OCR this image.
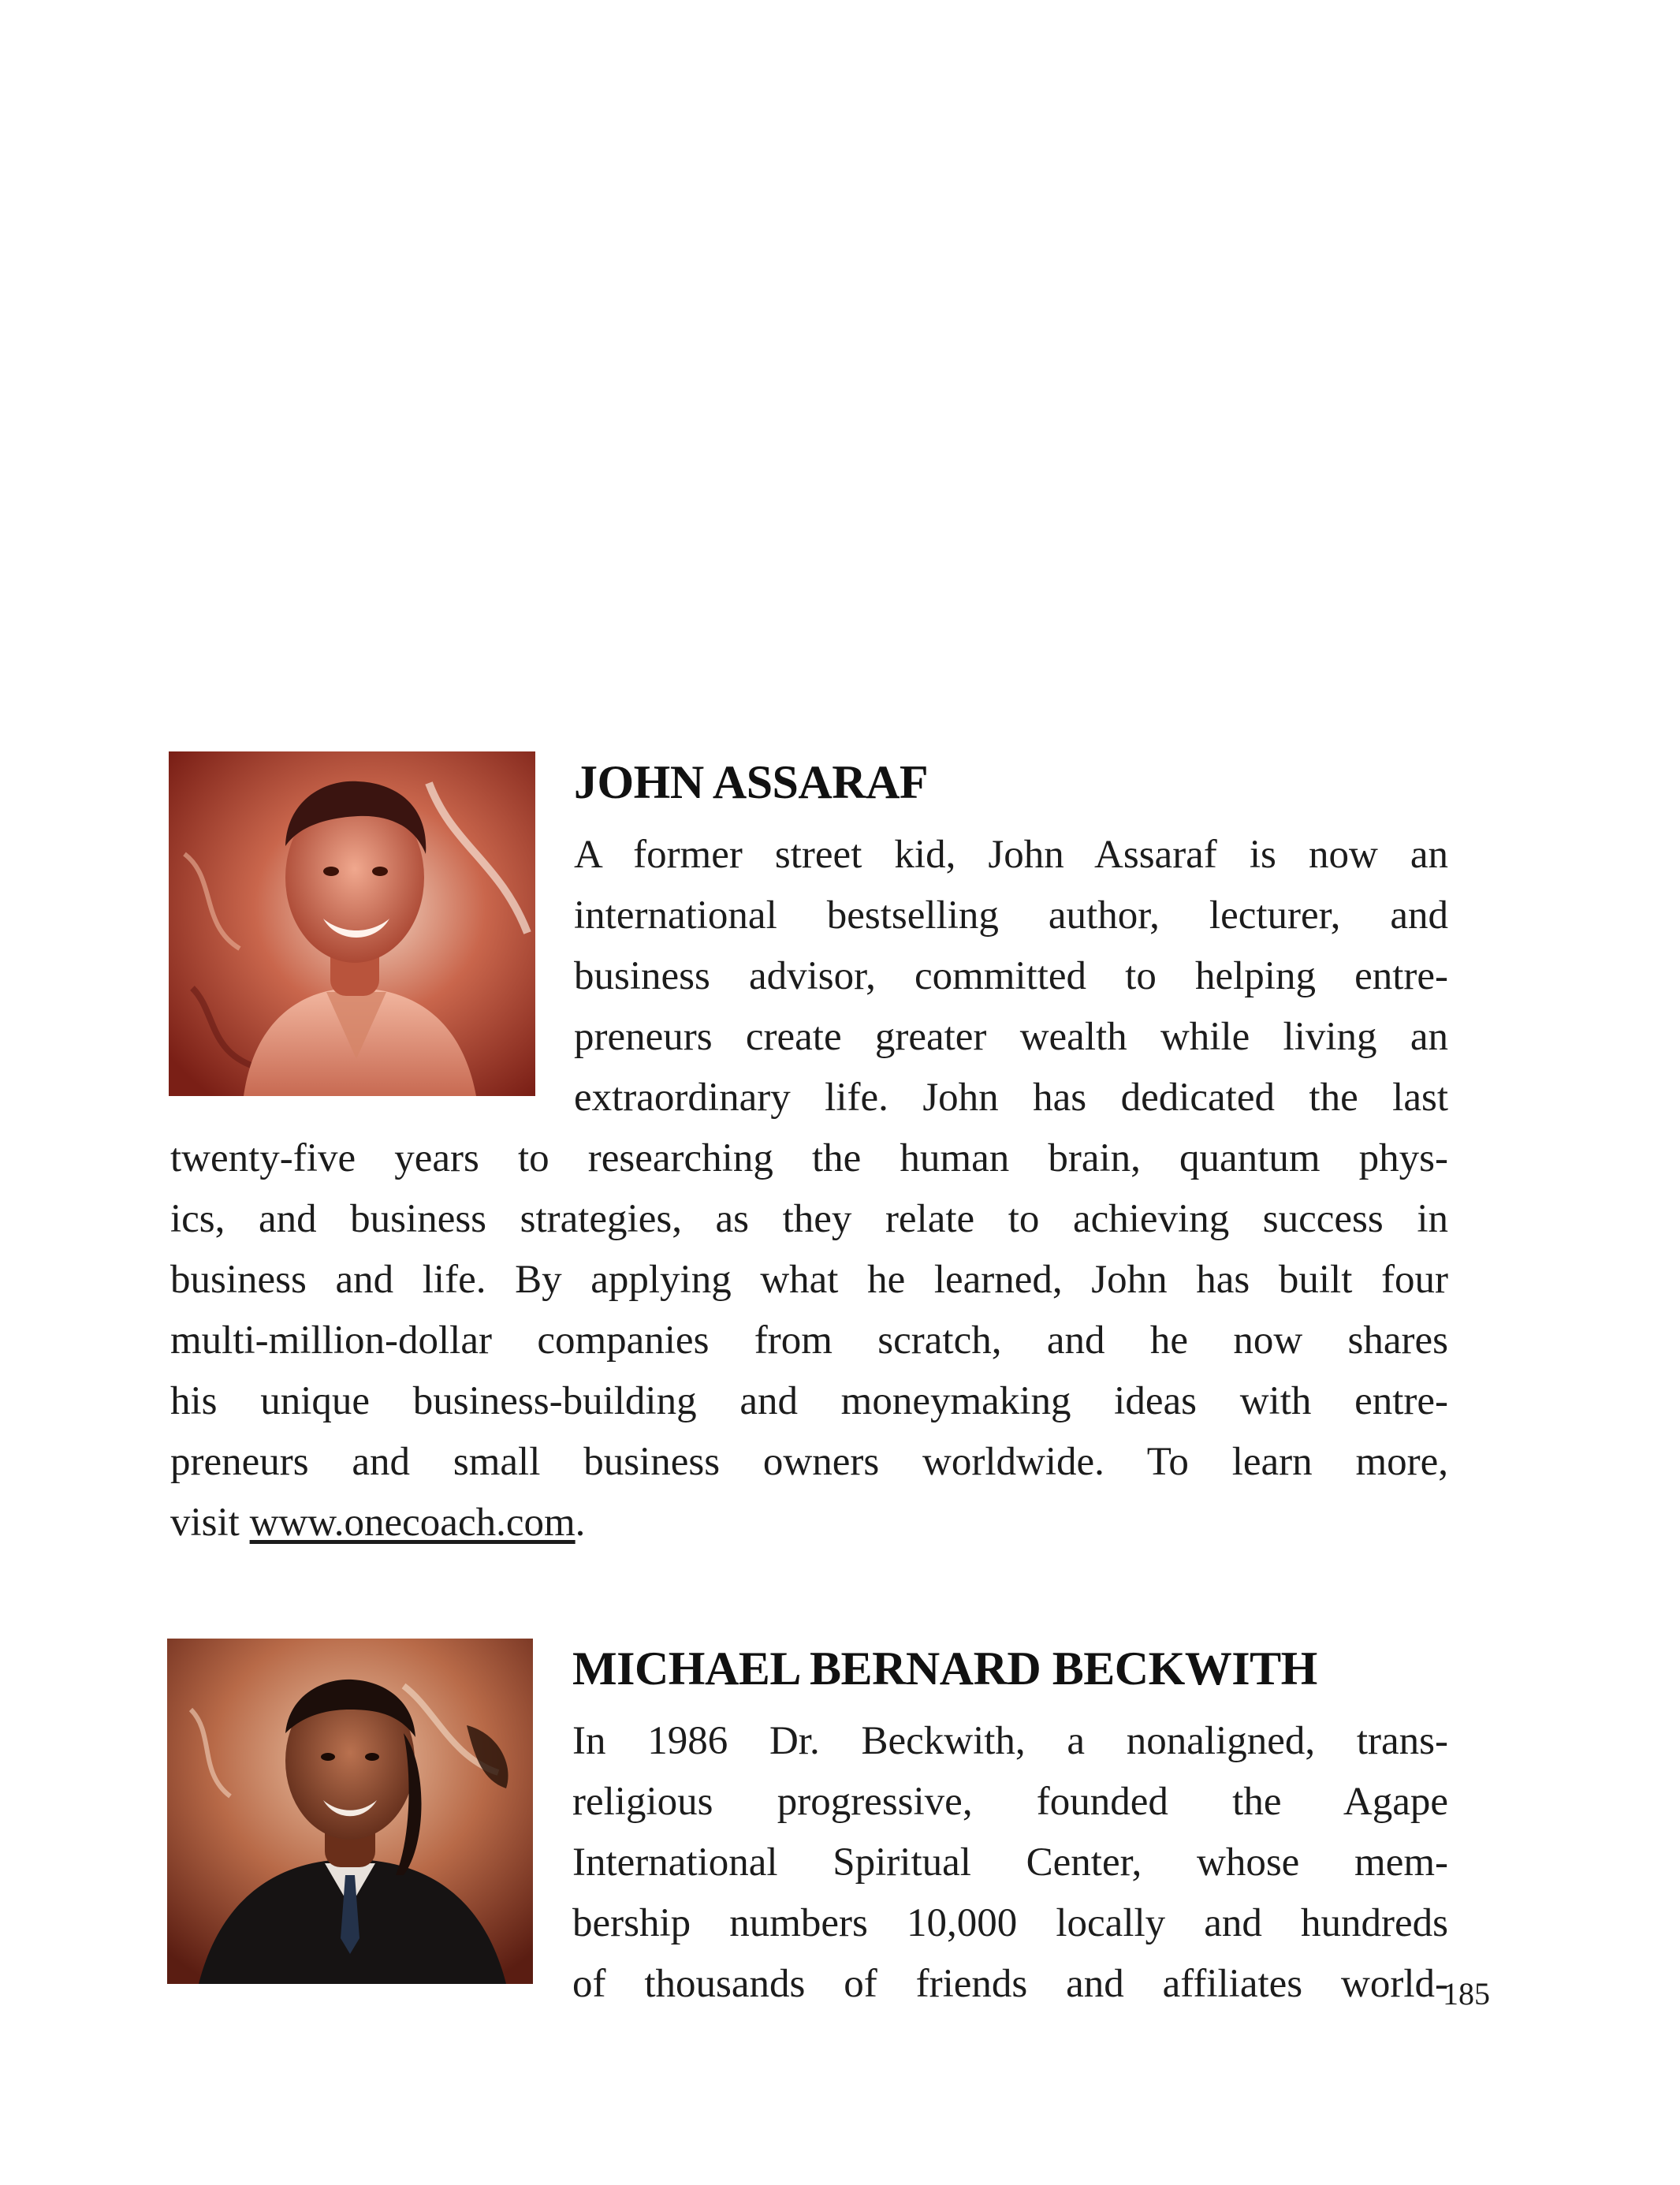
JOHN ASSARAF
A former street kid, John Assaraf is now an
international bestselling author, lecturer, and
business advisor, committed to helping entre-
preneurs create greater wealth while living an
extraordinary life. John has dedicated the last
twenty-five years to researching the human brain, quantum phys-
ics, and business strategies, as they relate to achieving success in
business and life. By applying what he learned, John has built four
multi-million-dollar companies from scratch, and he now shares
his unique business-building and moneymaking ideas with entre-
preneurs and small business owners worldwide. To learn more,
visit www.onecoach.com.
MICHAEL BERNARD BECKWITH
In 1986 Dr. Beckwith, a nonaligned, trans-
religious progressive, founded the Agape
International Spiritual Center, whose mem-
bership numbers 10,000 locally and hundreds
of thousands of friends and affiliates world-
185
